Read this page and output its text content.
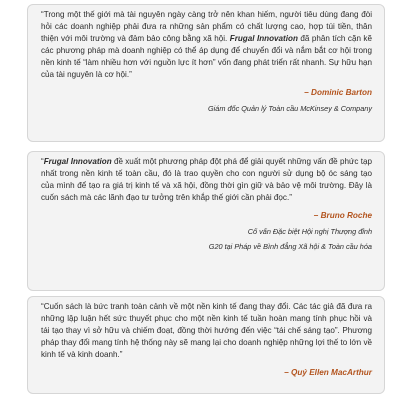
“Trong một thế giới mà tài nguyên ngày càng trở nên khan hiếm, người tiêu dùng đang đòi hỏi các doanh nghiệp phải đưa ra những sản phẩm có chất lượng cao, hợp túi tiền, thân thiện với môi trường và đảm bảo công bằng xã hội. Frugal Innovation đã phân tích cặn kẽ các phương pháp mà doanh nghiệp có thể áp dụng để chuyển đổi và nắm bắt cơ hội trong nền kinh tế “làm nhiều hơn với nguồn lực ít hơn” vốn đang phát triển rất nhanh. Sự hữu hạn của tài nguyên là cơ hội.”

– Dominic Barton
Giám đốc Quản lý Toàn cầu McKinsey & Company

“Frugal Innovation đề xuất một phương pháp đột phá để giải quyết những vấn đề phức tạp nhất trong nền kinh tế toàn cầu, đó là trao quyền cho con người sử dụng bộ óc sáng tạo của mình để tạo ra giá trị kinh tế và xã hội, đồng thời gìn giữ và bảo vệ môi trường. Đây là cuốn sách mà các lãnh đạo tư tưởng trên khắp thế giới cần phải đọc.”

– Bruno Roche
Cố vấn Đặc biệt Hội nghị Thượng đỉnh
G20 tại Pháp về Bình đẳng Xã hội & Toàn cầu hóa

“Cuốn sách là bức tranh toàn cảnh về một nền kinh tế đang thay đổi. Các tác giả đã đưa ra những lập luận hết sức thuyết phục cho một nền kinh tế tuần hoàn mang tính phục hồi và tái tạo thay vì sở hữu và chiếm đoạt, đồng thời hướng đến việc “tái chế sáng tạo”. Phương pháp thay đổi mang tính hệ thống này sẽ mang lại cho doanh nghiệp những lợi thế to lớn về kinh tế và kinh doanh.”

– Quý Ellen MacArthur
